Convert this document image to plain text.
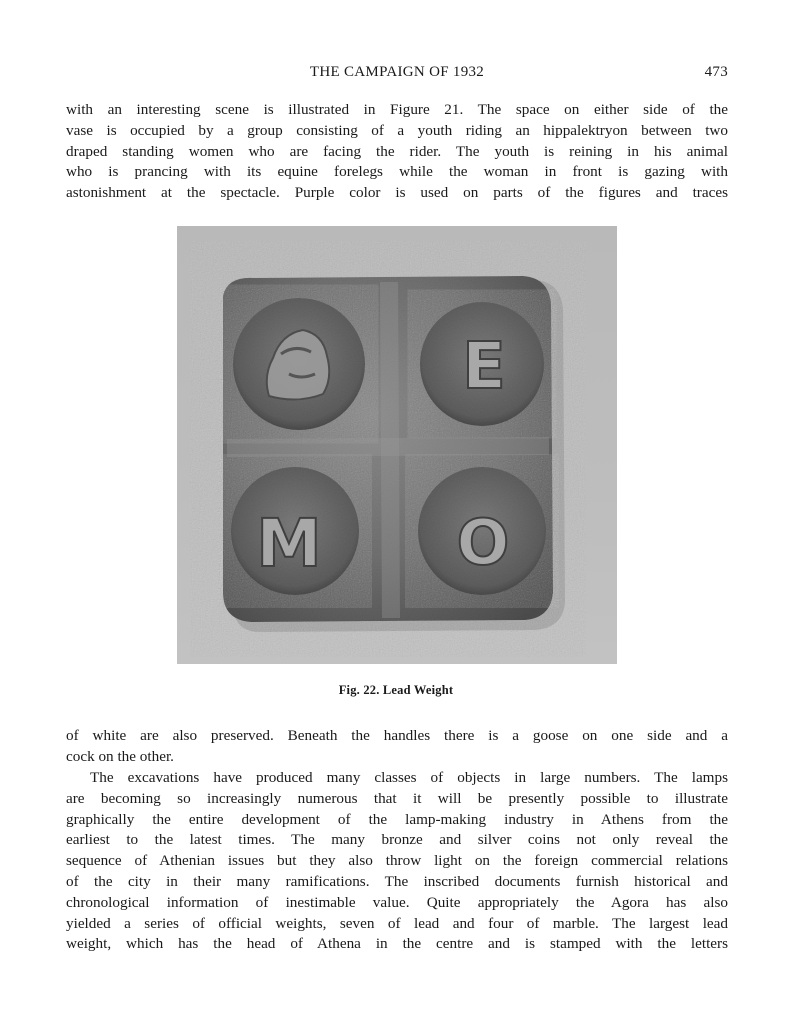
THE CAMPAIGN OF 1932	473

with an interesting scene is illustrated in Figure 21. The space on either side of the
vase is occupied by a group consisting of a youth riding an hippalektryon between two
draped standing women who are facing the rider. The youth is reining in his animal
who is prancing with its equine forelegs while the woman in front is gazing with
astonishment at the spectacle. Purple color is used on parts of the figures and traces

E
M O
Fig. 22. Lead Weight

of white are also preserved. Beneath the handles there is a goose on one side and a
cock on the other.

The excavations have produced many classes of objects in large numbers. The lamps
are becoming so increasingly numerous that it will be presently possible to illustrate
graphically the entire development of the lamp-making industry in Athens from the
earliest to the latest times. The many bronze and silver coins not only reveal the
sequence of Athenian issues but they also throw light on the foreign commercial relations
of the city in their many ramifications. The inscribed documents furnish historical and
chronological information of inestimable value. Quite appropriately the Agora has also
yielded a series of official weights, seven of lead and four of marble. The largest lead
weight, which has the head of Athena in the centre and is stamped with the letters
